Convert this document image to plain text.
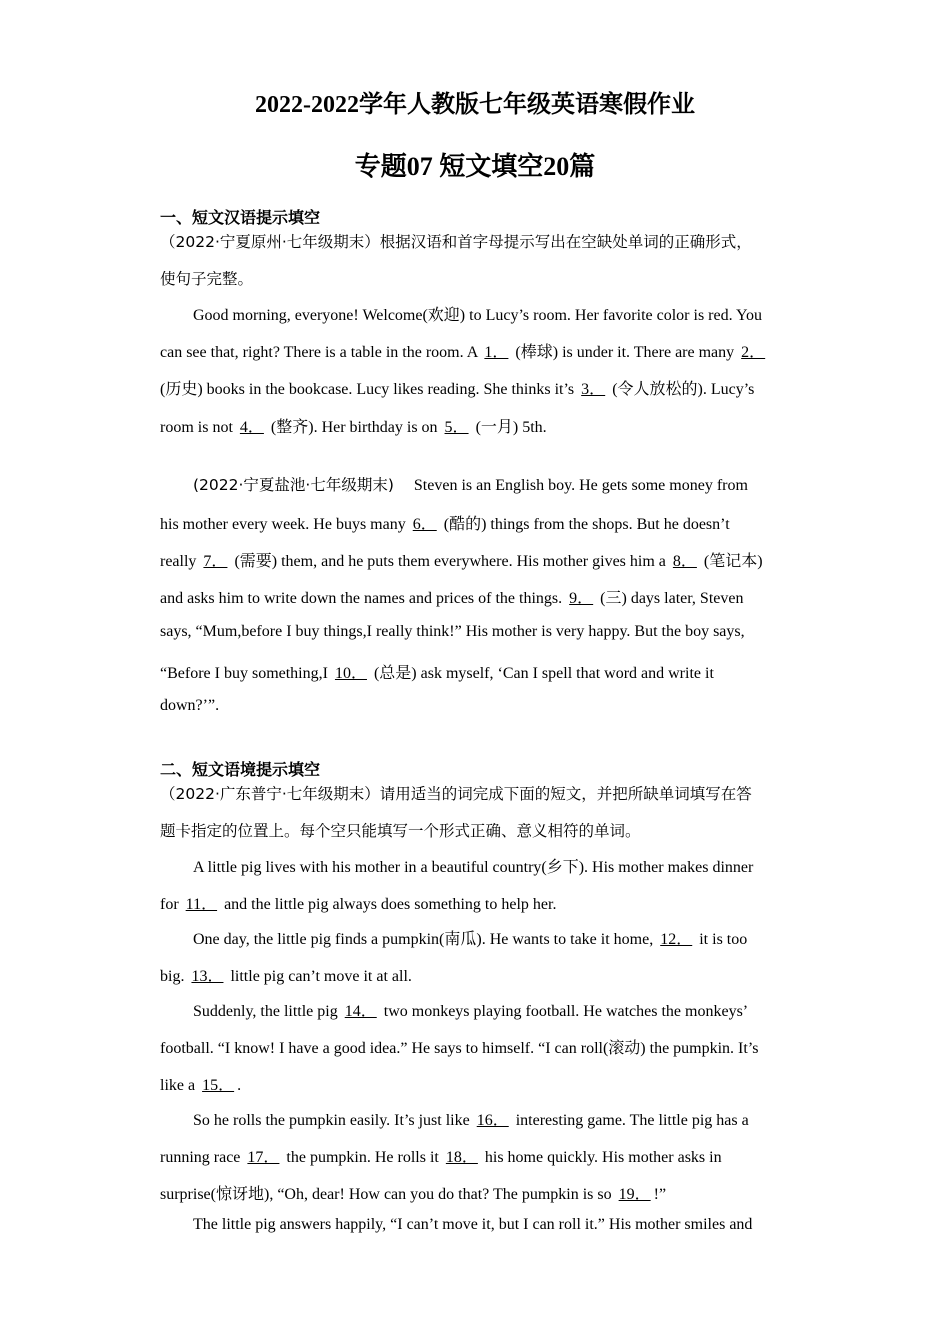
2022-2022学年人教版七年级英语寒假作业
专题07 短文填空20篇
一、短文汉语提示填空
（2022·宁夏原州·七年级期末）根据汉语和首字母提示写出在空缺处单词的正确形式，
使句子完整。
Good morning, everyone! Welcome(欢迎) to Lucy’s room. Her favorite color is red. You
can see that, right? There is a table in the room. A 1． (棒球) is under it. There are many 2．
(历史) books in the bookcase. Lucy likes reading. She thinks it’s 3． (令人放松的). Lucy’s
room is not 4． (整齐). Her birthday is on 5． (一月) 5th.
(2022·宁夏盐池·七年级期末) Steven is an English boy. He gets some money from
his mother every week. He buys many 6． (酷的) things from the shops. But he doesn’t
really 7． (需要) them, and he puts them everywhere. His mother gives him a 8． (笔记本)
and asks him to write down the names and prices of the things. 9． (三) days later, Steven
says, “Mum,before I buy things,I really think!” His mother is very happy. But the boy says,
“Before I buy something,I 10． (总是) ask myself, ‘Can I spell that word and write it
down?’”.
二、短文语境提示填空
（2022·广东普宁·七年级期末）请用适当的词完成下面的短文，并把所缺单词填写在答
题卡指定的位置上。每个空只能填写一个形式正确、意义相符的单词。
A little pig lives with his mother in a beautiful country(乡下). His mother makes dinner
for 11． and the little pig always does something to help her.
One day, the little pig finds a pumpkin(南瓜). He wants to take it home, 12． it is too
big. 13． little pig can’t move it at all.
Suddenly, the little pig 14． two monkeys playing football. He watches the monkeys’
football. “I know! I have a good idea.” He says to himself. “I can roll(滚动) the pumpkin. It’s
like a 15． .
So he rolls the pumpkin easily. It’s just like 16． interesting game. The little pig has a
running race 17． the pumpkin. He rolls it 18． his home quickly. His mother asks in
surprise(惊讶地), “Oh, dear! How can you do that? The pumpkin is so 19． !”
The little pig answers happily, “I can’t move it, but I can roll it.” His mother smiles and
